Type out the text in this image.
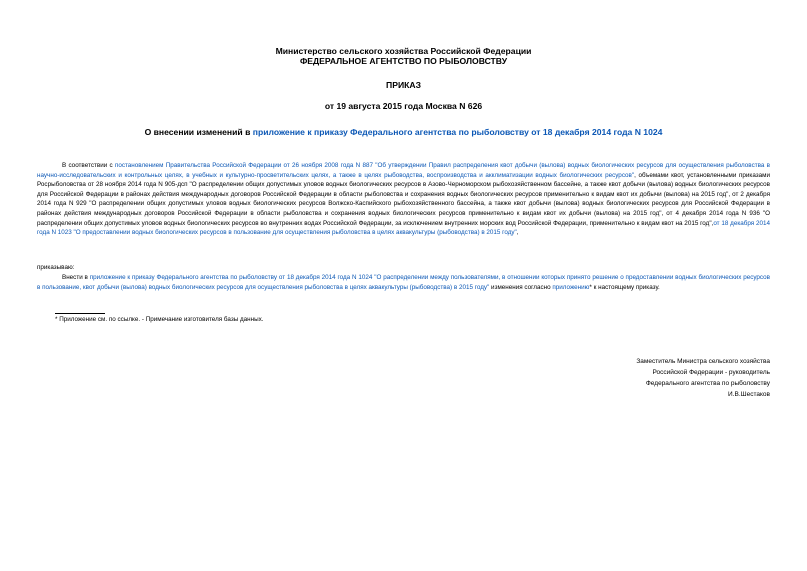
Министерство сельского хозяйства Российской Федерации
ФЕДЕРАЛЬНОЕ АГЕНТСТВО ПО РЫБОЛОВСТВУ
ПРИКАЗ
от 19 августа 2015 года Москва N 626
О внесении изменений в приложение к приказу Федерального агентства по рыболовству от 18 декабря 2014 года N 1024
В соответствии с постановлением Правительства Российской Федерации от 26 ноября 2008 года N 887 "Об утверждении Правил распределения квот добычи (вылова) водных биологических ресурсов для осуществления рыболовства в научно-исследовательских и контрольных целях, в учебных и культурно-просветительских целях, а также в целях рыбоводства, воспроизводства и акклиматизации водных биологических ресурсов", объемами квот, установленными приказами Росрыболовства от 28 ноября 2014 года N 905-дсп "О распределении общих допустимых уловов водных биологических ресурсов в Азово-Черноморском рыбохозяйственном бассейне, а также квот добычи (вылова) водных биологических ресурсов для Российской Федерации в районах действия международных договоров Российской Федерации в области рыболовства и сохранения водных биологических ресурсов применительно к видам квот их добычи (вылова) на 2015 год", от 2 декабря 2014 года N 929 "О распределении общих допустимых уловов водных биологических ресурсов Волжско-Каспийского рыбохозяйственного бассейна, а также квот добычи (вылова) водных биологических ресурсов для Российской Федерации в районах действия международных договоров Российской Федерации в области рыболовства и сохранения водных биологических ресурсов применительно к видам квот их добычи (вылова) на 2015 год", от 4 декабря 2014 года N 936 "О распределении общих допустимых уловов водных биологических ресурсов во внутренних водах Российской Федерации, за исключением внутренних морских вод Российской Федерации, применительно к видам квот на 2015 год",от 18 декабря 2014 года N 1023 "О предоставлении водных биологических ресурсов в пользование для осуществления рыболовства в целях аквакультуры (рыбоводства) в 2015 году",
приказываю:
Внести в приложение к приказу Федерального агентства по рыболовству от 18 декабря 2014 года N 1024 "О распределении между пользователями, в отношении которых принято решение о предоставлении водных биологических ресурсов в пользование, квот добычи (вылова) водных биологических ресурсов для осуществления рыболовства в целях аквакультуры (рыбоводства) в 2015 году" изменения согласно приложению* к настоящему приказу.
* Приложение см. по ссылке. - Примечание изготовителя базы данных.
Заместитель Министра сельского хозяйства
Российской Федерации - руководитель
Федерального агентства по рыболовству
И.В.Шестаков
